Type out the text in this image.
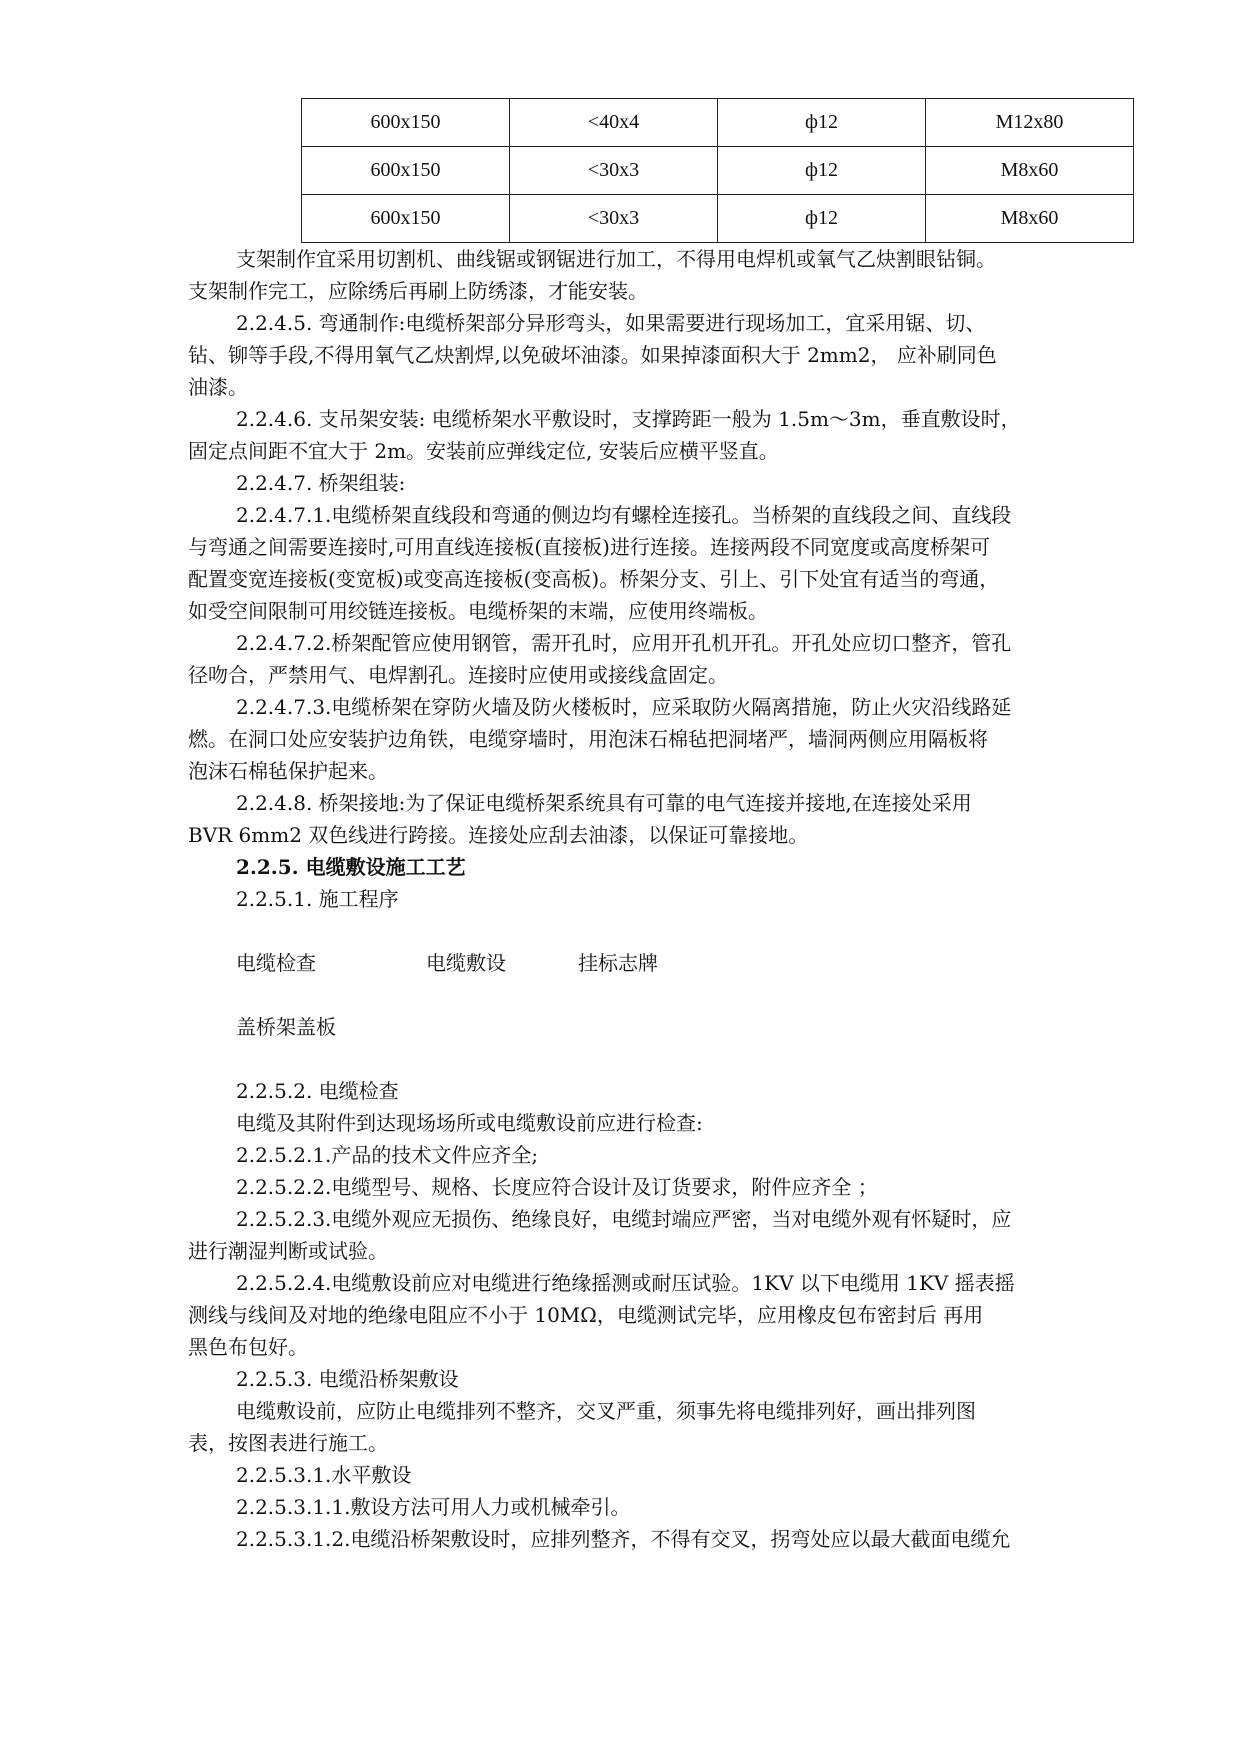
600x150	<40x4	ф12	M12x80
600x150	<30x3	ф12	M8x60
600x150	<30x3	ф12	M8x60
支架制作宜采用切割机、曲线锯或钢锯进行加工，不得用电焊机或氧气乙炔割眼钻铜。
支架制作完工，应除绣后再刷上防绣漆，才能安装。
2.2.4.5. 弯通制作:电缆桥架部分异形弯头，如果需要进行现场加工，宜采用锯、切、
钻、铆等手段,不得用氧气乙炔割焊,以免破坏油漆。如果掉漆面积大于 2mm2， 应补刷同色
油漆。
2.2.4.6. 支吊架安装: 电缆桥架水平敷设时，支撑跨距一般为 1.5m～3m，垂直敷设时，
固定点间距不宜大于 2m。安装前应弹线定位, 安装后应横平竖直。
2.2.4.7. 桥架组装:
2.2.4.7.1.电缆桥架直线段和弯通的侧边均有螺栓连接孔。当桥架的直线段之间、直线段
与弯通之间需要连接时,可用直线连接板(直接板)进行连接。连接两段不同宽度或高度桥架可
配置变宽连接板(变宽板)或变高连接板(变高板)。桥架分支、引上、引下处宜有适当的弯通，
如受空间限制可用绞链连接板。电缆桥架的末端，应使用终端板。
2.2.4.7.2.桥架配管应使用钢管，需开孔时，应用开孔机开孔。开孔处应切口整齐，管孔
径吻合，严禁用气、电焊割孔。连接时应使用或接线盒固定。
2.2.4.7.3.电缆桥架在穿防火墙及防火楼板时，应采取防火隔离措施，防止火灾沿线路延
燃。在洞口处应安装护边角铁，电缆穿墙时，用泡沫石棉毡把洞堵严，墙洞两侧应用隔板将
泡沫石棉毡保护起来。
2.2.4.8. 桥架接地:为了保证电缆桥架系统具有可靠的电气连接并接地,在连接处采用
BVR 6mm2 双色线进行跨接。连接处应刮去油漆，以保证可靠接地。
2.2.5. 电缆敷设施工工艺
2.2.5.1. 施工程序
电缆检查	电缆敷设	挂标志牌
盖桥架盖板
2.2.5.2. 电缆检查
电缆及其附件到达现场场所或电缆敷设前应进行检查:
2.2.5.2.1.产品的技术文件应齐全;
2.2.5.2.2.电缆型号、规格、长度应符合设计及订货要求，附件应齐全 ；
2.2.5.2.3.电缆外观应无损伤、绝缘良好，电缆封端应严密，当对电缆外观有怀疑时，应
进行潮湿判断或试验。
2.2.5.2.4.电缆敷设前应对电缆进行绝缘摇测或耐压试验。1KV 以下电缆用 1KV 摇表摇
测线与线间及对地的绝缘电阻应不小于 10MΩ，电缆测试完毕，应用橡皮包布密封后 再用
黑色布包好。
2.2.5.3. 电缆沿桥架敷设
电缆敷设前，应防止电缆排列不整齐，交叉严重，须事先将电缆排列好，画出排列图
表，按图表进行施工。
2.2.5.3.1.水平敷设
2.2.5.3.1.1.敷设方法可用人力或机械牵引。
2.2.5.3.1.2.电缆沿桥架敷设时，应排列整齐，不得有交叉，拐弯处应以最大截面电缆允
